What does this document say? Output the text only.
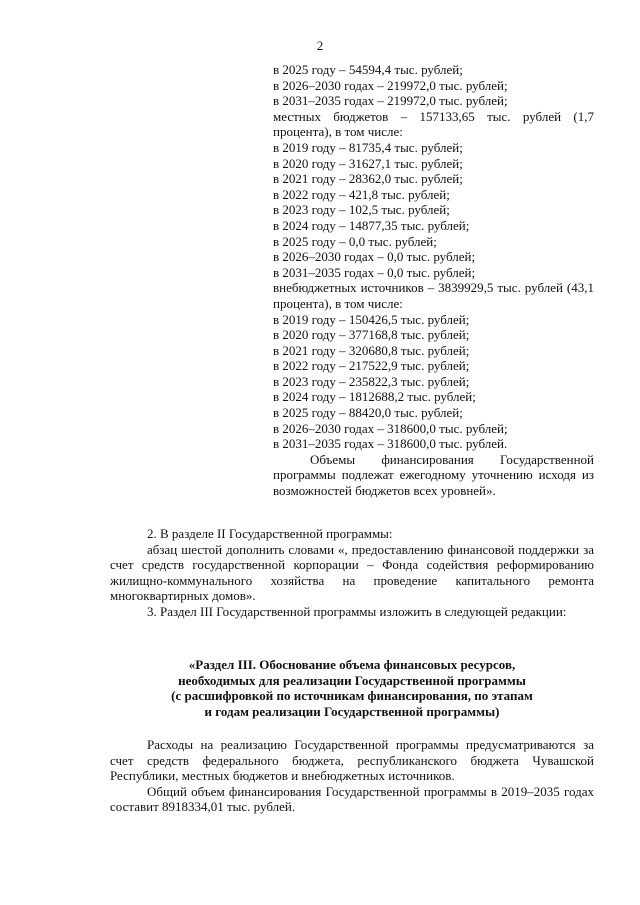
2
в 2025 году – 54594,4 тыс. рублей;
в 2026–2030 годах – 219972,0 тыс. рублей;
в 2031–2035 годах – 219972,0 тыс. рублей;
местных бюджетов – 157133,65 тыс. рублей (1,7 процента), в том числе:
в 2019 году – 81735,4 тыс. рублей;
в 2020 году – 31627,1 тыс. рублей;
в 2021 году – 28362,0 тыс. рублей;
в 2022 году – 421,8 тыс. рублей;
в 2023 году – 102,5 тыс. рублей;
в 2024 году – 14877,35 тыс. рублей;
в 2025 году – 0,0 тыс. рублей;
в 2026–2030 годах – 0,0 тыс. рублей;
в 2031–2035 годах – 0,0 тыс. рублей;
внебюджетных источников – 3839929,5 тыс. рублей (43,1 процента), в том числе:
в 2019 году – 150426,5 тыс. рублей;
в 2020 году – 377168,8 тыс. рублей;
в 2021 году – 320680,8 тыс. рублей;
в 2022 году – 217522,9 тыс. рублей;
в 2023 году – 235822,3 тыс. рублей;
в 2024 году – 1812688,2 тыс. рублей;
в 2025 году – 88420,0 тыс. рублей;
в 2026–2030 годах – 318600,0 тыс. рублей;
в 2031–2035 годах – 318600,0 тыс. рублей.
Объемы финансирования Государственной программы подлежат ежегодному уточнению исходя из возможностей бюджетов всех уровней».

2. В разделе II Государственной программы:

абзац шестой дополнить словами «, предоставлению финансовой поддержки за счет средств государственной корпорации – Фонда содействия реформированию жилищно-коммунального хозяйства на проведение капитального ремонта многоквартирных домов».

3. Раздел III Государственной программы изложить в следующей редакции:

«Раздел III. Обоснование объема финансовых ресурсов,
необходимых для реализации Государственной программы
(с расшифровкой по источникам финансирования, по этапам
и годам реализации Государственной программы)

Расходы на реализацию Государственной программы предусматриваются за счет средств федерального бюджета, республиканского бюджета Чувашской Республики, местных бюджетов и внебюджетных источников.

Общий объем финансирования Государственной программы в 2019–2035 годах составит 8918334,01 тыс. рублей.
